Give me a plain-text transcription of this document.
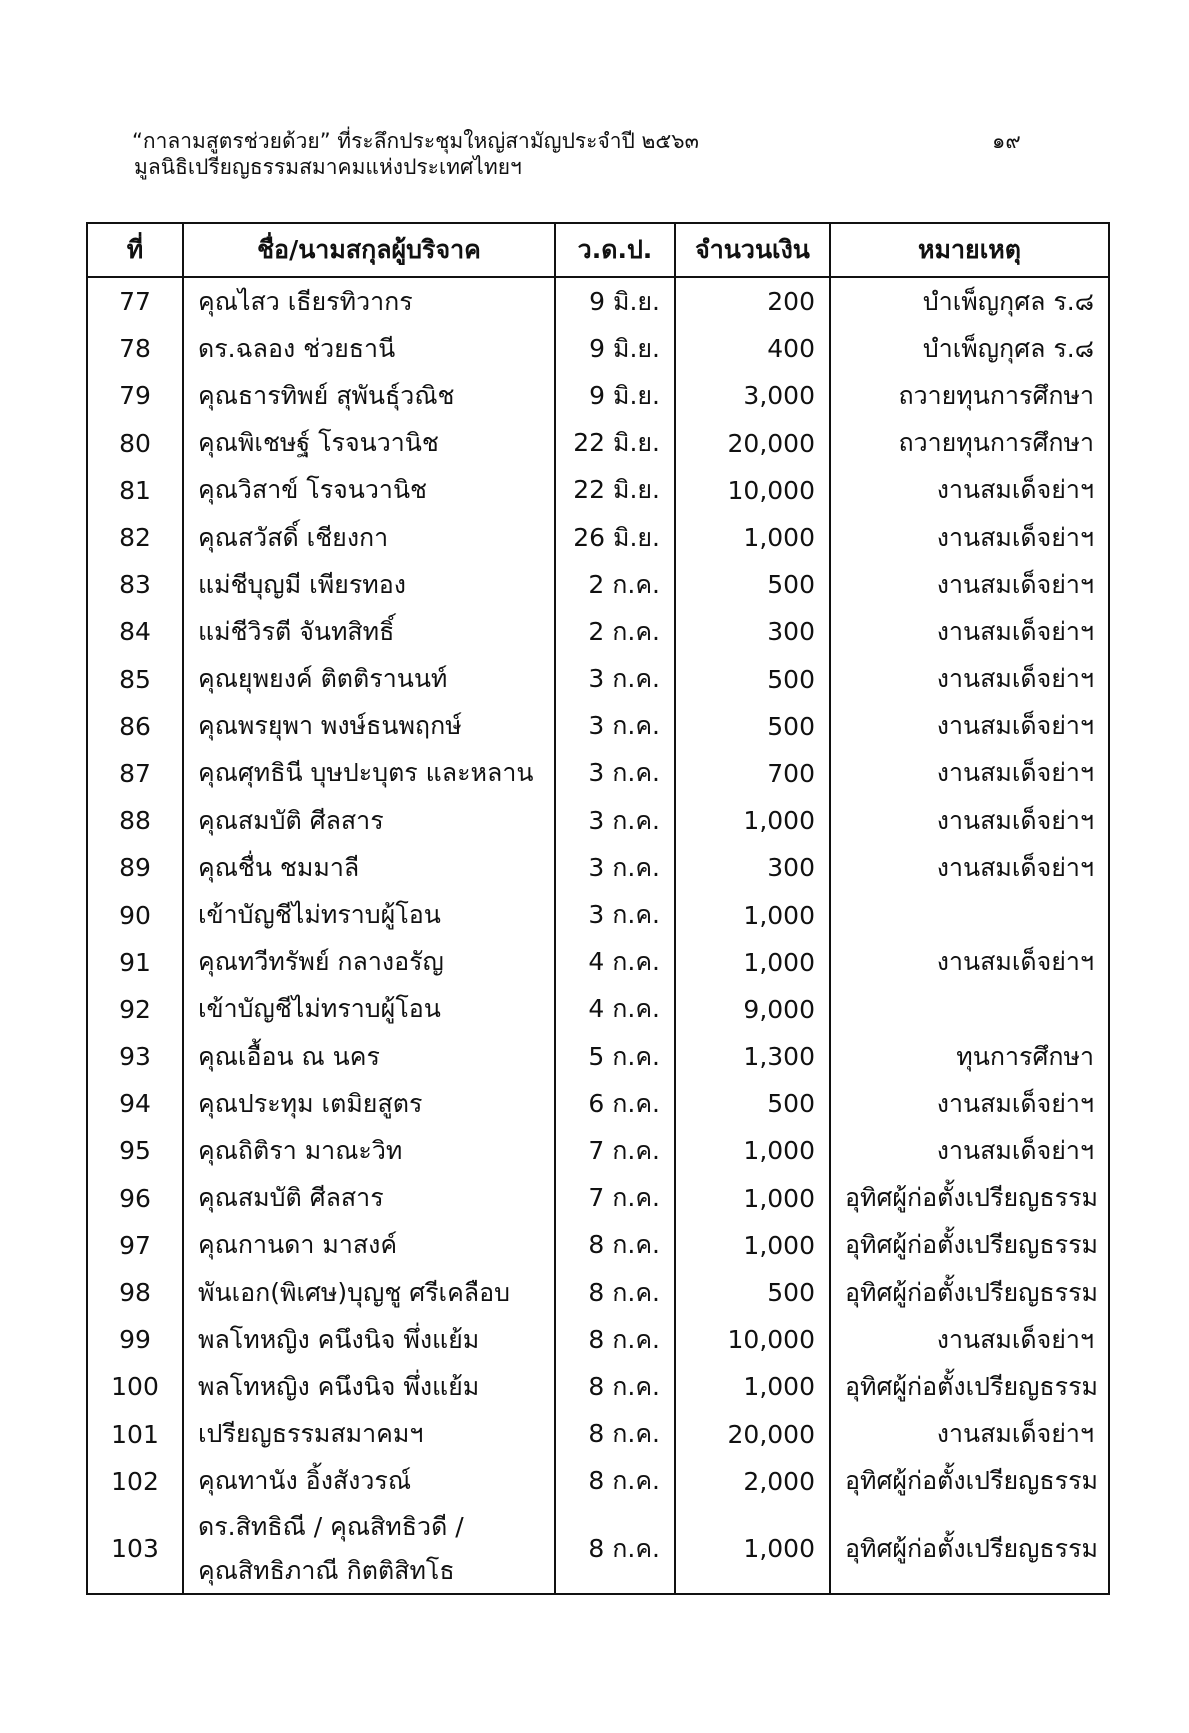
“กาลามสูตรช่วยด้วย” ที่ระลึกประชุมใหญ่สามัญประจำปี ๒๕๖๓
มูลนิธิเปรียญธรรมสมาคมแห่งประเทศไทยฯ
๑๙
ที่	ชื่อ/นามสกุลผู้บริจาค	ว.ด.ป.	จำนวนเงิน	หมายเหตุ
77	คุณไสว เธียรทิวากร	9 มิ.ย.	200	บำเพ็ญกุศล ร.๘
78	ดร.ฉลอง ช่วยธานี	9 มิ.ย.	400	บำเพ็ญกุศล ร.๘
79	คุณธารทิพย์ สุพันธุ์วณิช	9 มิ.ย.	3,000	ถวายทุนการศึกษา
80	คุณพิเชษฐ์ โรจนวานิช	22 มิ.ย.	20,000	ถวายทุนการศึกษา
81	คุณวิสาข์ โรจนวานิช	22 มิ.ย.	10,000	งานสมเด็จย่าฯ
82	คุณสวัสดิ์ เชียงกา	26 มิ.ย.	1,000	งานสมเด็จย่าฯ
83	แม่ชีบุญมี เพียรทอง	2 ก.ค.	500	งานสมเด็จย่าฯ
84	แม่ชีวิรตี จันทสิทธิ์	2 ก.ค.	300	งานสมเด็จย่าฯ
85	คุณยุพยงค์ ติตติรานนท์	3 ก.ค.	500	งานสมเด็จย่าฯ
86	คุณพรยุพา พงษ์ธนพฤกษ์	3 ก.ค.	500	งานสมเด็จย่าฯ
87	คุณศุทธินี บุษปะบุตร และหลาน	3 ก.ค.	700	งานสมเด็จย่าฯ
88	คุณสมบัติ ศีลสาร	3 ก.ค.	1,000	งานสมเด็จย่าฯ
89	คุณชื่น ชมมาลี	3 ก.ค.	300	งานสมเด็จย่าฯ
90	เข้าบัญชีไม่ทราบผู้โอน	3 ก.ค.	1,000	
91	คุณทวีทรัพย์ กลางอรัญ	4 ก.ค.	1,000	งานสมเด็จย่าฯ
92	เข้าบัญชีไม่ทราบผู้โอน	4 ก.ค.	9,000	
93	คุณเอื้อน ณ นคร	5 ก.ค.	1,300	ทุนการศึกษา
94	คุณประทุม เตมิยสูตร	6 ก.ค.	500	งานสมเด็จย่าฯ
95	คุณถิติรา มาณะวิท	7 ก.ค.	1,000	งานสมเด็จย่าฯ
96	คุณสมบัติ ศีลสาร	7 ก.ค.	1,000	อุทิศผู้ก่อตั้งเปรียญธรรม
97	คุณกานดา มาสงค์	8 ก.ค.	1,000	อุทิศผู้ก่อตั้งเปรียญธรรม
98	พันเอก(พิเศษ)บุญชู ศรีเคลือบ	8 ก.ค.	500	อุทิศผู้ก่อตั้งเปรียญธรรม
99	พลโทหญิง คนึงนิจ พึ่งแย้ม	8 ก.ค.	10,000	งานสมเด็จย่าฯ
100	พลโทหญิง คนึงนิจ พึ่งแย้ม	8 ก.ค.	1,000	อุทิศผู้ก่อตั้งเปรียญธรรม
101	เปรียญธรรมสมาคมฯ	8 ก.ค.	20,000	งานสมเด็จย่าฯ
102	คุณทานัง อิ้งสังวรณ์	8 ก.ค.	2,000	อุทิศผู้ก่อตั้งเปรียญธรรม
103	ดร.สิทธิณี / คุณสิทธิวดี /
คุณสิทธิภาณี กิตติสิทโธ	8 ก.ค.	1,000	อุทิศผู้ก่อตั้งเปรียญธรรม
